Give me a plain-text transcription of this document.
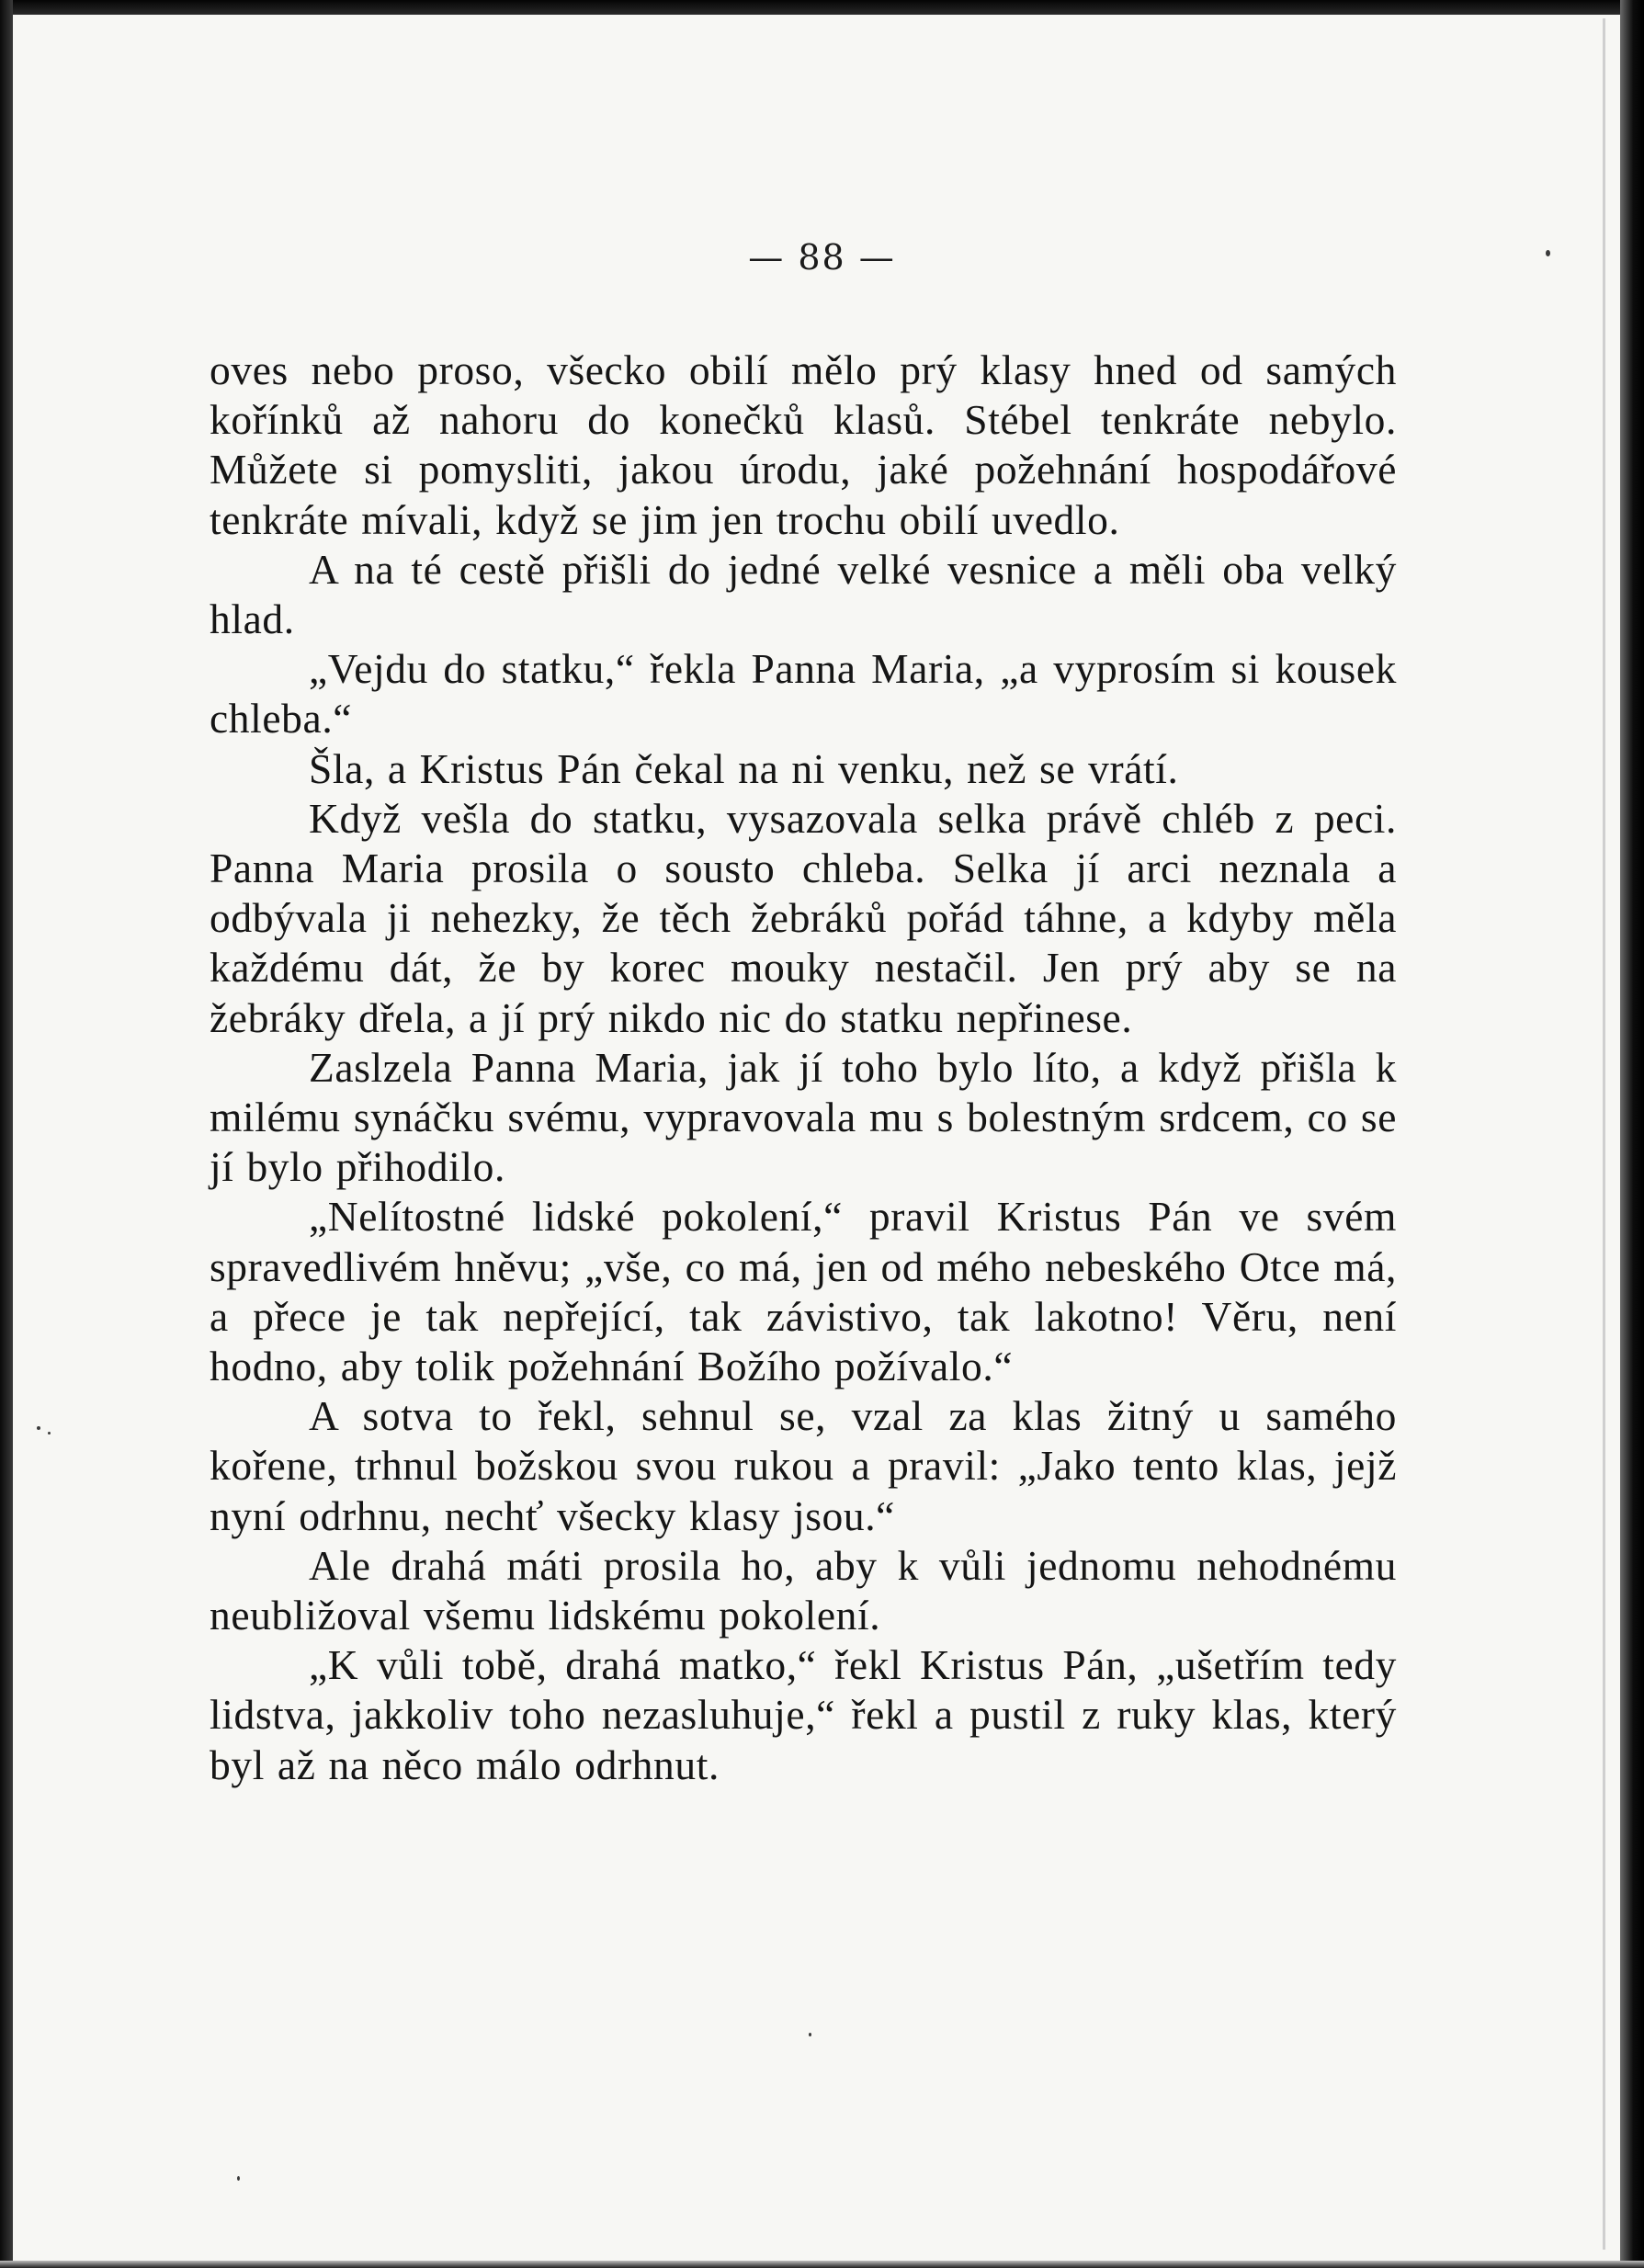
— 88 —

oves nebo proso, všecko obilí mělo prý klasy hned od samých kořínků až nahoru do konečků klasů. Stébel tenkráte nebylo. Můžete si pomysliti, jakou úrodu, jaké požehnání hospodářové tenkráte mívali, když se jim jen trochu obilí uvedlo.

A na té cestě přišli do jedné velké vesnice a měli oba velký hlad.

„Vejdu do statku,“ řekla Panna Maria, „a vyprosím si kousek chleba.“

Šla, a Kristus Pán čekal na ni venku, než se vrátí.

Když vešla do statku, vysazovala selka právě chléb z peci. Panna Maria prosila o sousto chleba. Selka jí arci neznala a odbývala ji nehezky, že těch žebráků pořád táhne, a kdyby měla každému dát, že by korec mouky nestačil. Jen prý aby se na žebráky dřela, a jí prý nikdo nic do statku nepřinese.

Zaslzela Panna Maria, jak jí toho bylo líto, a když přišla k milému synáčku svému, vypravovala mu s bolestným srdcem, co se jí bylo přihodilo.

„Nelítostné lidské pokolení,“ pravil Kristus Pán ve svém spravedlivém hněvu; „vše, co má, jen od mého nebeského Otce má, a přece je tak nepřející, tak závistivo, tak lakotno! Věru, není hodno, aby tolik požehnání Božího požívalo.“

A sotva to řekl, sehnul se, vzal za klas žitný u samého kořene, trhnul božskou svou rukou a pravil: „Jako tento klas, jejž nyní odrhnu, nechť všecky klasy jsou.“

Ale drahá máti prosila ho, aby k vůli jednomu nehodnému neubližoval všemu lidskému pokolení.

„K vůli tobě, drahá matko,“ řekl Kristus Pán, „ušetřím tedy lidstva, jakkoliv toho nezasluhuje,“ řekl a pustil z ruky klas, který byl až na něco málo odrhnut.
